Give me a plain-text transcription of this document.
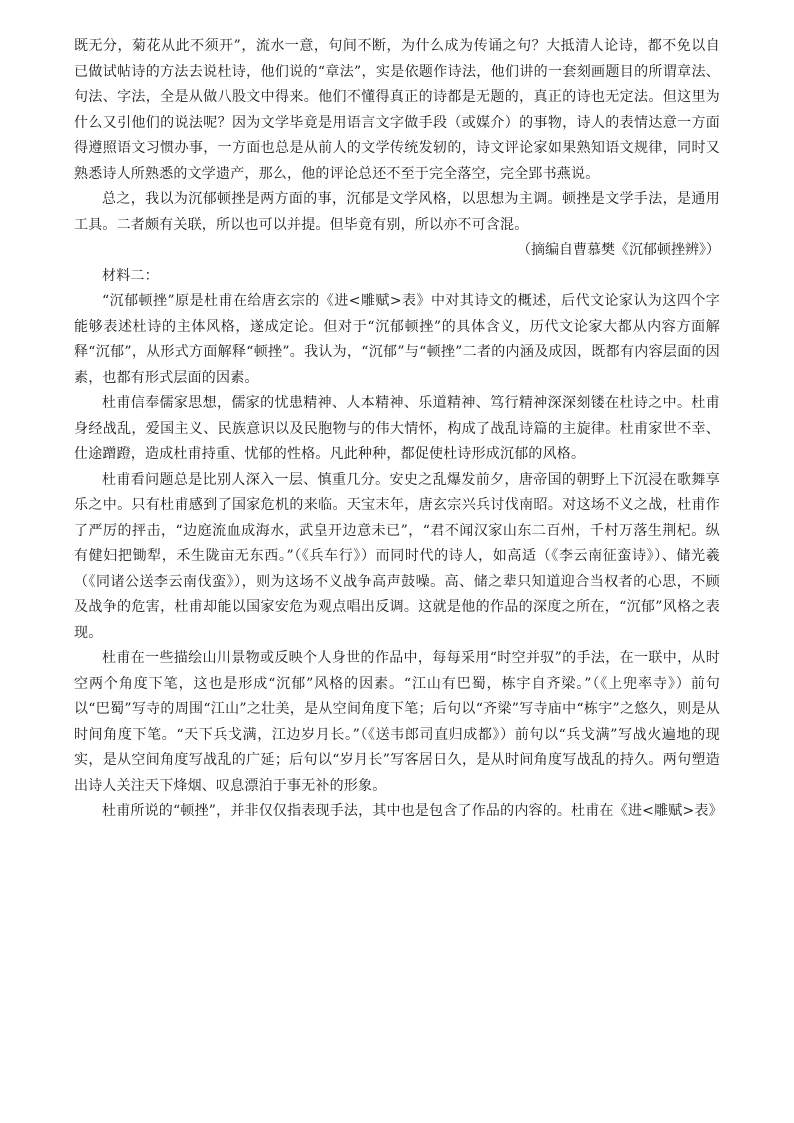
既无分，菊花从此不须开”，流水一意，句间不断，为什么成为传诵之句？大抵清人论诗，都不免以自已做试帖诗的方法去说杜诗，他们说的“章法”，实是依题作诗法，他们讲的一套刻画题目的所谓章法、句法、字法，全是从做八股文中得来。他们不懂得真正的诗都是无题的，真正的诗也无定法。但这里为什么又引他们的说法呢？因为文学毕竟是用语言文字做手段（或媒介）的事物，诗人的表情达意一方面得遵照语文习惯办事，一方面也总是从前人的文学传统发轫的，诗文评论家如果熟知语文规律，同时又熟悉诗人所熟悉的文学遗产，那么，他的评论总还不至于完全落空，完全郢书燕说。

总之，我以为沉郁顿挫是两方面的事，沉郁是文学风格，以思想为主调。顿挫是文学手法，是通用工具。二者颇有关联，所以也可以并提。但毕竟有别，所以亦不可含混。

（摘编自曹慕樊《沉郁顿挫辨》）

材料二：

“沉郁顿挫”原是杜甫在给唐玄宗的《进<雕赋>表》中对其诗文的概述，后代文论家认为这四个字能够表述杜诗的主体风格，遂成定论。但对于“沉郁顿挫”的具体含义，历代文论家大都从内容方面解释“沉郁”，从形式方面解释“顿挫”。我认为，“沉郁”与“顿挫”二者的内涵及成因，既都有内容层面的因素，也都有形式层面的因素。

杜甫信奉儒家思想，儒家的忧患精神、人本精神、乐道精神、笃行精神深深刻镂在杜诗之中。杜甫身经战乱，爱国主义、民族意识以及民胞物与的伟大情怀，构成了战乱诗篇的主旋律。杜甫家世不幸、仕途蹭蹬，造成杜甫持重、忧郁的性格。凡此种种，都促使杜诗形成沉郁的风格。

杜甫看问题总是比别人深入一层、慎重几分。安史之乱爆发前夕，唐帝国的朝野上下沉浸在歌舞享乐之中。只有杜甫感到了国家危机的来临。天宝末年，唐玄宗兴兵讨伐南昭。对这场不义之战，杜甫作了严厉的抨击，“边庭流血成海水，武皇开边意未已”，“君不闻汉家山东二百州，千村万落生荆杞。纵有健妇把锄犁，禾生陇亩无东西。”（《兵车行》）而同时代的诗人，如高适（《李云南征蛮诗》）、储光羲（《同诸公送李云南伐蛮》），则为这场不义战争高声鼓噪。高、储之辈只知道迎合当权者的心思，不顾及战争的危害，杜甫却能以国家安危为观点唱出反调。这就是他的作品的深度之所在，“沉郁”风格之表现。

杜甫在一些描绘山川景物或反映个人身世的作品中，每每采用“时空并驭”的手法，在一联中，从时空两个角度下笔，这也是形成“沉郁”风格的因素。“江山有巴蜀，栋宇自齐梁。”（《上兜率寺》）前句以“巴蜀”写寺的周围“江山”之壮美，是从空间角度下笔；后句以“齐梁”写寺庙中“栋宇”之悠久，则是从时间角度下笔。“天下兵戈满，江边岁月长。”（《送韦郎司直归成都》）前句以“兵戈满”写战火遍地的现实，是从空间角度写战乱的广延；后句以“岁月长”写客居日久，是从时间角度写战乱的持久。两句塑造出诗人关注天下烽烟、叹息漂泊于事无补的形象。

杜甫所说的“顿挫”，并非仅仅指表现手法，其中也是包含了作品的内容的。杜甫在《进<雕赋>表》
